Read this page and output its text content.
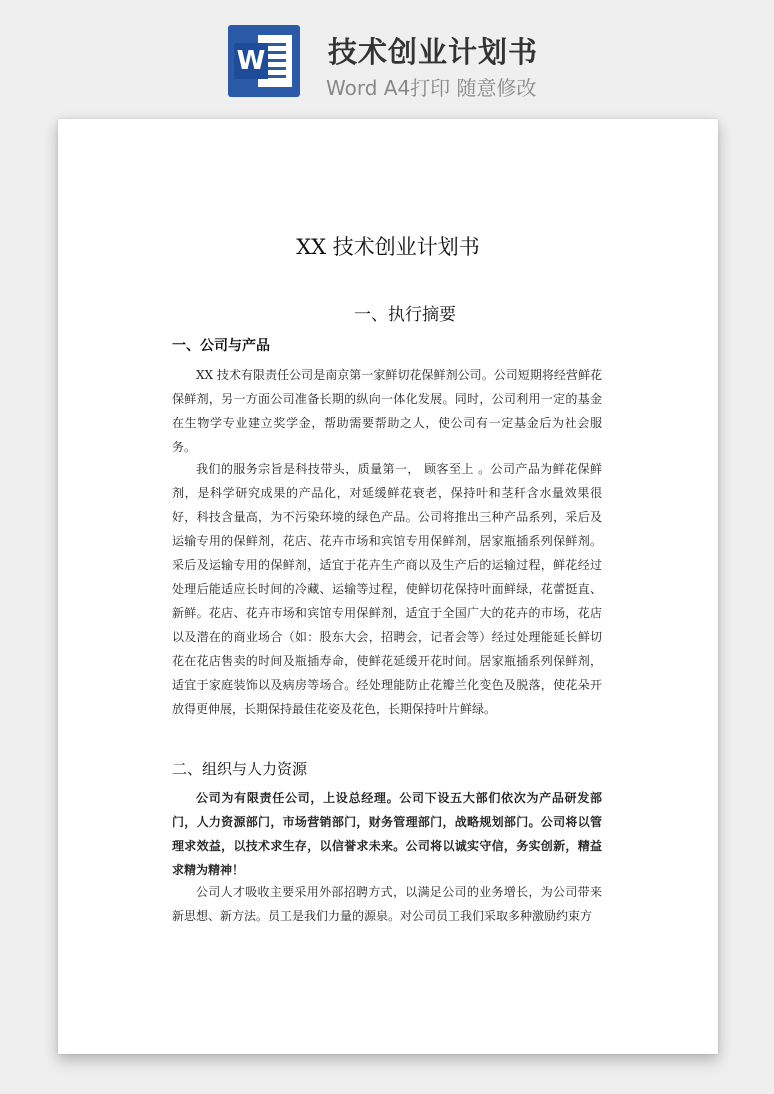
W 技术创业计划书
Word A4打印 随意修改
XX 技术创业计划书
一、执行摘要
一、公司与产品

XX 技术有限责任公司是南京第一家鲜切花保鲜剂公司。公司短期将经营鲜花保鲜剂，另一方面公司准备长期的纵向一体化发展。同时，公司利用一定的基金在生物学专业建立奖学金，帮助需要帮助之人，使公司有一定基金后为社会服务。

我们的服务宗旨是科技带头，质量第一， 顾客至上 。公司产品为鲜花保鲜剂，是科学研究成果的产品化，对延缓鲜花衰老，保持叶和茎秆含水量效果很好，科技含量高，为不污染环境的绿色产品。公司将推出三种产品系列，采后及运输专用的保鲜剂，花店、花卉市场和宾馆专用保鲜剂，居家瓶插系列保鲜剂。采后及运输专用的保鲜剂，适宜于花卉生产商以及生产后的运输过程，鲜花经过处理后能适应长时间的冷藏、运输等过程，使鲜切花保持叶面鲜绿，花蕾挺直、新鲜。花店、花卉市场和宾馆专用保鲜剂，适宜于全国广大的花卉的市场，花店以及潜在的商业场合（如：股东大会，招聘会，记者会等）经过处理能延长鲜切花在花店售卖的时间及瓶插寿命，使鲜花延缓开花时间。居家瓶插系列保鲜剂，适宜于家庭装饰以及病房等场合。经处理能防止花瓣兰化变色及脱落，使花朵开放得更伸展，长期保持最佳花姿及花色，长期保持叶片鲜绿。

二、组织与人力资源

公司为有限责任公司，上设总经理。公司下设五大部们依次为产品研发部门，人力资源部门，市场营销部门，财务管理部门，战略规划部门。公司将以管理求效益，以技术求生存，以信誉求未来。公司将以诚实守信，务实创新，精益求精为精神！

公司人才吸收主要采用外部招聘方式，以满足公司的业务增长，为公司带来新思想、新方法。员工是我们力量的源泉。对公司员工我们采取多种激励约束方
